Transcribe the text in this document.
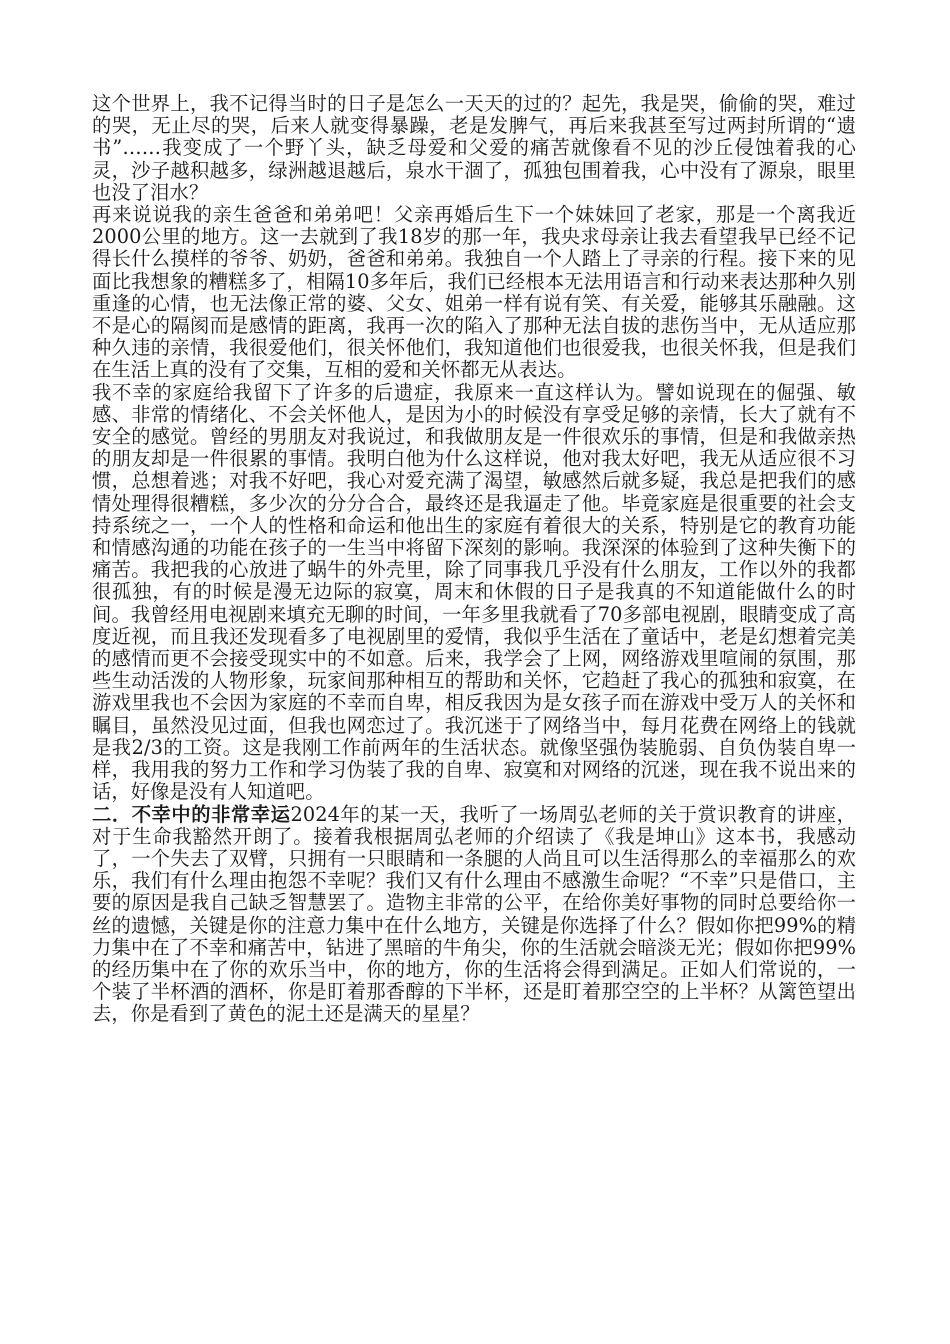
这个世界上，我不记得当时的日子是怎么一天天的过的？起先，我是哭，偷偷的哭，难过的哭，无止尽的哭，后来人就变得暴躁，老是发脾气，再后来我甚至写过两封所谓的“遗书”……我变成了一个野丫头，缺乏母爱和父爱的痛苦就像看不见的沙丘侵蚀着我的心灵，沙子越积越多，绿洲越退越后，泉水干涸了，孤独包围着我，心中没有了源泉，眼里也没了泪水？

再来说说我的亲生爸爸和弟弟吧！父亲再婚后生下一个妹妹回了老家，那是一个离我近2000公里的地方。这一去就到了我18岁的那一年，我央求母亲让我去看望我早已经不记得长什么摸样的爷爷、奶奶，爸爸和弟弟。我独自一个人踏上了寻亲的行程。接下来的见面比我想象的糟糕多了，相隔10多年后，我们已经根本无法用语言和行动来表达那种久别重逢的心情，也无法像正常的婆、父女、姐弟一样有说有笑、有关爱，能够其乐融融。这不是心的隔阂而是感情的距离，我再一次的陷入了那种无法自拔的悲伤当中，无从适应那种久违的亲情，我很爱他们，很关怀他们，我知道他们也很爱我，也很关怀我，但是我们在生活上真的没有了交集，互相的爱和关怀都无从表达。

我不幸的家庭给我留下了许多的后遗症，我原来一直这样认为。譬如说现在的倔强、敏感、非常的情绪化、不会关怀他人，是因为小的时候没有享受足够的亲情，长大了就有不安全的感觉。曾经的男朋友对我说过，和我做朋友是一件很欢乐的事情，但是和我做亲热的朋友却是一件很累的事情。我明白他为什么这样说，他对我太好吧，我无从适应很不习惯，总想着逃；对我不好吧，我心对爱充满了渴望，敏感然后就多疑，我总是把我们的感情处理得很糟糕，多少次的分分合合，最终还是我逼走了他。毕竟家庭是很重要的社会支持系统之一，一个人的性格和命运和他出生的家庭有着很大的关系，特别是它的教育功能和情感沟通的功能在孩子的一生当中将留下深刻的影响。我深深的体验到了这种失衡下的痛苦。我把我的心放进了蜗牛的外壳里，除了同事我几乎没有什么朋友，工作以外的我都很孤独，有的时候是漫无边际的寂寞，周末和休假的日子是我真的不知道能做什么的时间。我曾经用电视剧来填充无聊的时间，一年多里我就看了70多部电视剧，眼睛变成了高度近视，而且我还发现看多了电视剧里的爱情，我似乎生活在了童话中，老是幻想着完美的感情而更不会接受现实中的不如意。后来，我学会了上网，网络游戏里喧闹的氛围，那些生动活泼的人物形象，玩家间那种相互的帮助和关怀，它趋赶了我心的孤独和寂寞，在游戏里我也不会因为家庭的不幸而自卑，相反我因为是女孩子而在游戏中受万人的关怀和瞩目，虽然没见过面，但我也网恋过了。我沉迷于了网络当中，每月花费在网络上的钱就是我2/3的工资。这是我刚工作前两年的生活状态。就像坚强伪装脆弱、自负伪装自卑一样，我用我的努力工作和学习伪装了我的自卑、寂寞和对网络的沉迷，现在我不说出来的话，好像是没有人知道吧。

二．不幸中的非常幸运2024年的某一天，我听了一场周弘老师的关于赏识教育的讲座，对于生命我豁然开朗了。接着我根据周弘老师的介绍读了《我是坤山》这本书，我感动了，一个失去了双臂，只拥有一只眼睛和一条腿的人尚且可以生活得那么的幸福那么的欢乐，我们有什么理由抱怨不幸呢？我们又有什么理由不感激生命呢？“不幸”只是借口，主要的原因是我自己缺乏智慧罢了。造物主非常的公平，在给你美好事物的同时总要给你一丝的遗憾，关键是你的注意力集中在什么地方，关键是你选择了什么？假如你把99%的精力集中在了不幸和痛苦中，钻进了黑暗的牛角尖，你的生活就会暗淡无光；假如你把99%的经历集中在了你的欢乐当中，你的地方，你的生活将会得到满足。正如人们常说的，一个装了半杯酒的酒杯，你是盯着那香醇的下半杯，还是盯着那空空的上半杯？从篱笆望出去，你是看到了黄色的泥土还是满天的星星？
